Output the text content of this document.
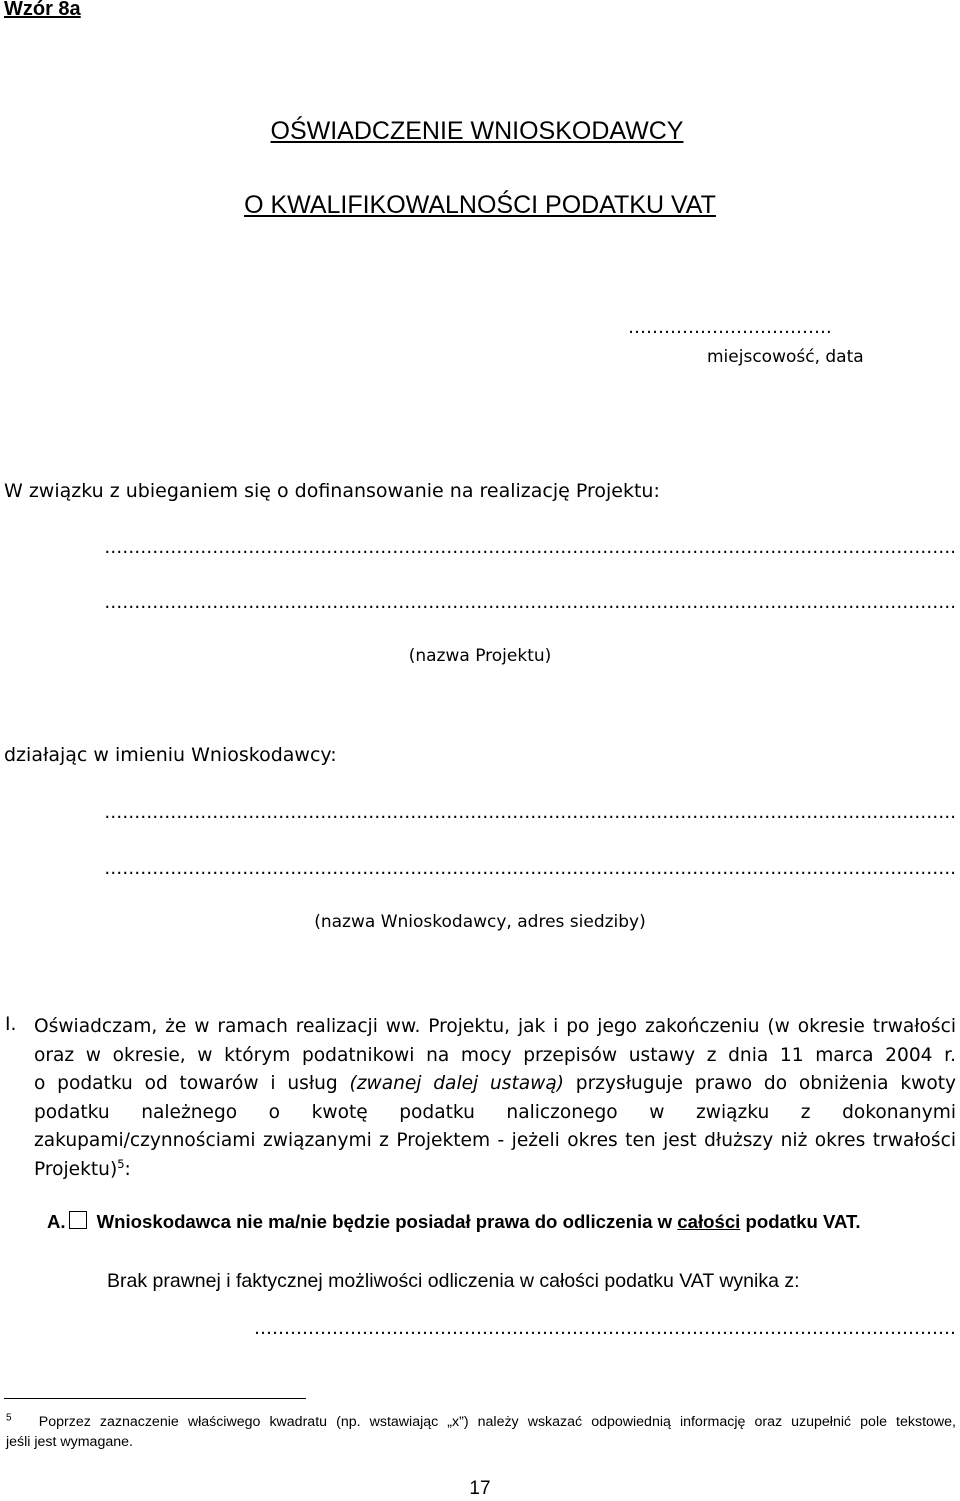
Wzór 8a
OŚWIADCZENIE WNIOSKODAWCY
O KWALIFIKOWALNOŚCI PODATKU VAT
…………………………….
miejscowość, data
W związku z ubieganiem się o dofinansowanie na realizację Projektu:
…………………………………………………………………………………………………………………………….
…………………………………………………………………………………………………………………………….
(nazwa Projektu)
działając w imieniu Wnioskodawcy:
…………………………………………………………………………………………………………………………….
…………………………………………………………………………………………………………………………….
(nazwa Wnioskodawcy, adres siedziby)
I. Oświadczam, że w ramach realizacji ww. Projektu, jak i po jego zakończeniu (w okresie trwałości
oraz w okresie, w którym podatnikowi na mocy przepisów ustawy z dnia 11 marca 2004 r.
o podatku od towarów i usług (zwanej dalej ustawą) przysługuje prawo do obniżenia kwoty
podatku należnego o kwotę podatku naliczonego w związku z dokonanymi
zakupami/czynnościami związanymi z Projektem - jeżeli okres ten jest dłuższy niż okres trwałości
Projektu)$^5$:
A. Wnioskodawca nie ma/nie będzie posiadał prawa do odliczenia w całości podatku VAT.
Brak prawnej i faktycznej możliwości odliczenia w całości podatku VAT wynika z:
………………………………………………………………………………………………………
$^5$ Poprzez zaznaczenie właściwego kwadratu (np. wstawiając „x”) należy wskazać odpowiednią informację oraz uzupełnić pole tekstowe,
jeśli jest wymagane.
17
